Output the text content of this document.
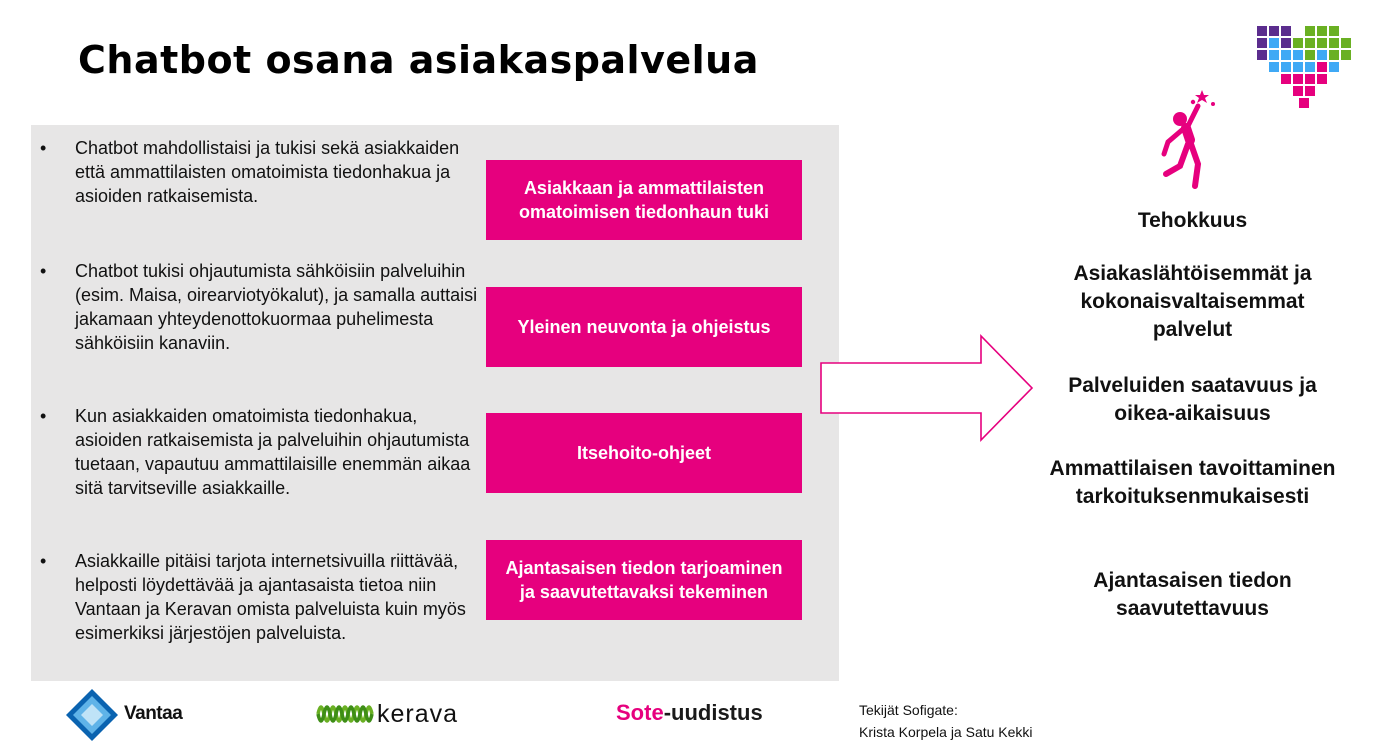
Chatbot osana asiakaspalvelua
• Chatbot mahdollistaisi ja tukisi sekä asiakkaiden että ammattilaisten omatoimista tiedonhakua ja asioiden ratkaisemista.
• Chatbot tukisi ohjautumista sähköisiin palveluihin (esim. Maisa, oirearviotyökalut), ja samalla auttaisi jakamaan yhteydenottokuormaa puhelimesta sähköisiin kanaviin.
• Kun asiakkaiden omatoimista tiedonhakua, asioiden ratkaisemista ja palveluihin ohjautumista tuetaan, vapautuu ammattilaisille enemmän aikaa sitä tarvitseville asiakkaille.
• Asiakkaille pitäisi tarjota internetsivuilla riittävää, helposti löydettävää ja ajantasaista tietoa niin Vantaan ja Keravan omista palveluista kuin myös esimerkiksi järjestöjen palveluista.
Asiakkaan ja ammattilaisten omatoimisen tiedonhaun tuki
Yleinen neuvonta ja ohjeistus
Itsehoito-ohjeet
Ajantasaisen tiedon tarjoaminen ja saavutettavaksi tekeminen
Tehokkuus
Asiakaslähtöisemmät ja kokonaisvaltaisemmat palvelut
Palveluiden saatavuus ja oikea-aikaisuus
Ammattilaisen tavoittaminen tarkoituksenmukaisesti
Ajantasaisen tiedon saavutettavuus
Vantaa	kerava	Sote-uudistus	Tekijät Sofigate:
Krista Korpela ja Satu Kekki
